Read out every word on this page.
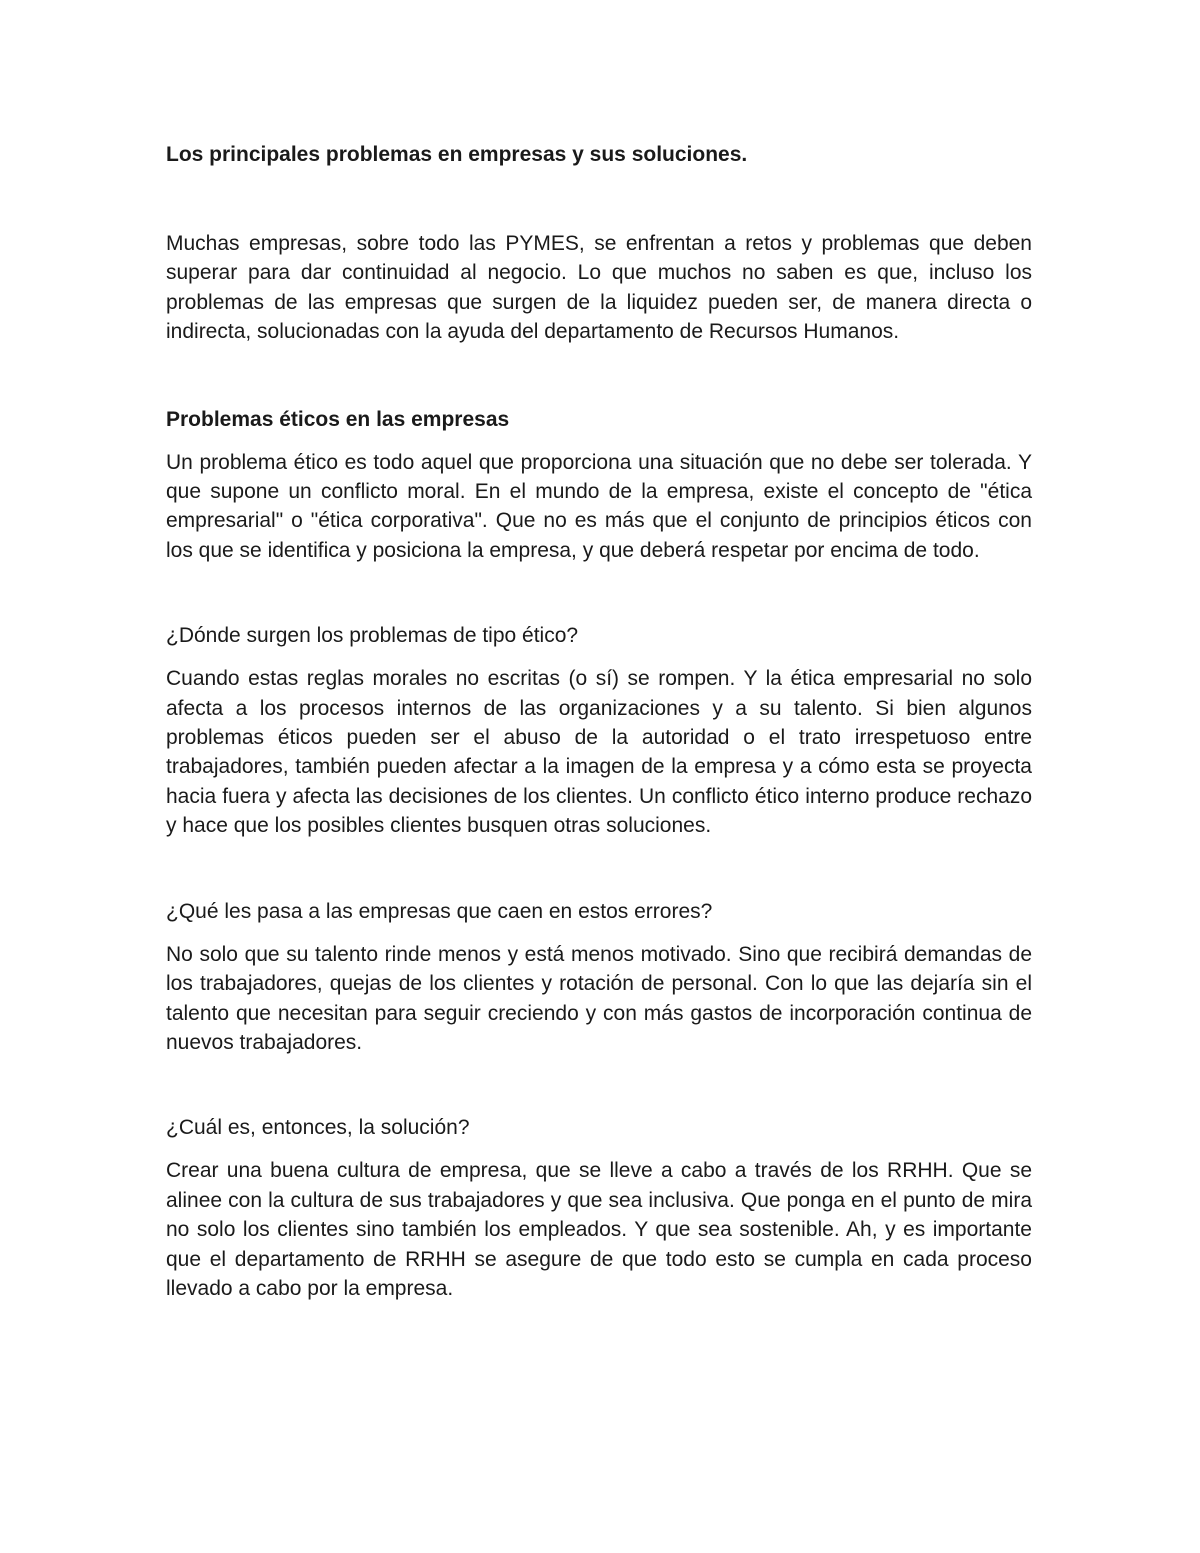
Los principales problemas en empresas y sus soluciones.

Muchas empresas, sobre todo las PYMES, se enfrentan a retos y problemas que deben superar para dar continuidad al negocio. Lo que muchos no saben es que, incluso los problemas de las empresas que surgen de la liquidez pueden ser, de manera directa o indirecta, solucionadas con la ayuda del departamento de Recursos Humanos.

Problemas éticos en las empresas

Un problema ético es todo aquel que proporciona una situación que no debe ser tolerada. Y que supone un conflicto moral. En el mundo de la empresa, existe el concepto de "ética empresarial" o "ética corporativa". Que no es más que el conjunto de principios éticos con los que se identifica y posiciona la empresa, y que deberá respetar por encima de todo.

¿Dónde surgen los problemas de tipo ético?

Cuando estas reglas morales no escritas (o sí) se rompen. Y la ética empresarial no solo afecta a los procesos internos de las organizaciones y a su talento. Si bien algunos problemas éticos pueden ser el abuso de la autoridad o el trato irrespetuoso entre trabajadores, también pueden afectar a la imagen de la empresa y a cómo esta se proyecta hacia fuera y afecta las decisiones de los clientes. Un conflicto ético interno produce rechazo y hace que los posibles clientes busquen otras soluciones.

¿Qué les pasa a las empresas que caen en estos errores?

No solo que su talento rinde menos y está menos motivado. Sino que recibirá demandas de los trabajadores, quejas de los clientes y rotación de personal. Con lo que las dejaría sin el talento que necesitan para seguir creciendo y con más gastos de incorporación continua de nuevos trabajadores.

¿Cuál es, entonces, la solución?

Crear una buena cultura de empresa, que se lleve a cabo a través de los RRHH. Que se alinee con la cultura de sus trabajadores y que sea inclusiva. Que ponga en el punto de mira no solo los clientes sino también los empleados. Y que sea sostenible. Ah, y es importante que el departamento de RRHH se asegure de que todo esto se cumpla en cada proceso llevado a cabo por la empresa.
